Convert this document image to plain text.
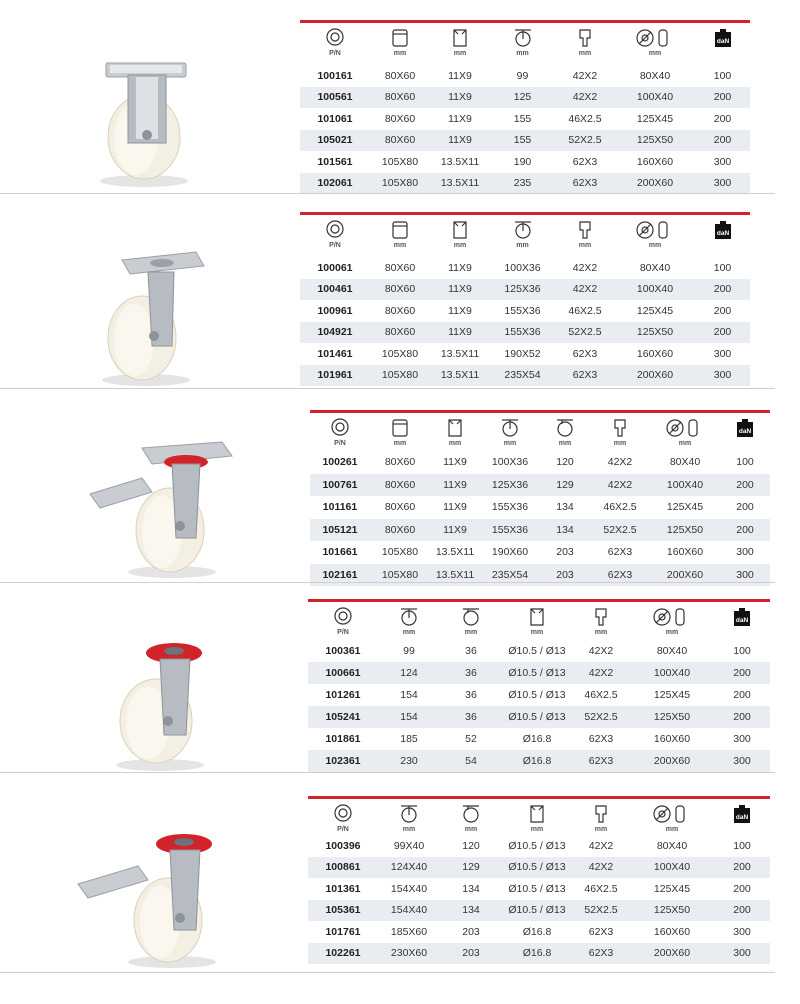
P/N	mm	mm	mm	mm	mm
daN
100161	80X60	11X9	99	42X2	80X40	100
100561	80X60	11X9	125	42X2	100X40	200
101061	80X60	11X9	155	46X2.5	125X45	200
105021	80X60	11X9	155	52X2.5	125X50	200
101561	105X80	13.5X11	190	62X3	160X60	300
102061	105X80	13.5X11	235	62X3	200X60	300
P/N	mm	mm	mm	mm	mm
daN
100061	80X60	11X9	100X36	42X2	80X40	100
100461	80X60	11X9	125X36	42X2	100X40	200
100961	80X60	11X9	155X36	46X2.5	125X45	200
104921	80X60	11X9	155X36	52X2.5	125X50	200
101461	105X80	13.5X11	190X52	62X3	160X60	300
101961	105X80	13.5X11	235X54	62X3	200X60	300
P/N	mm	mm	mm	mm	mm	mm
daN
100261	80X60	11X9	100X36	120	42X2	80X40	100
100761	80X60	11X9	125X36	129	42X2	100X40	200
101161	80X60	11X9	155X36	134	46X2.5	125X45	200
105121	80X60	11X9	155X36	134	52X2.5	125X50	200
101661	105X80	13.5X11	190X60	203	62X3	160X60	300
102161	105X80	13.5X11	235X54	203	62X3	200X60	300
P/N	mm	mm	mm	mm	mm
daN
100361	99	36	Ø10.5 / Ø13	42X2	80X40	100
100661	124	36	Ø10.5 / Ø13	42X2	100X40	200
101261	154	36	Ø10.5 / Ø13	46X2.5	125X45	200
105241	154	36	Ø10.5 / Ø13	52X2.5	125X50	200
101861	185	52	Ø16.8	62X3	160X60	300
102361	230	54	Ø16.8	62X3	200X60	300
P/N	mm	mm	mm	mm	mm
daN
100396	99X40	120	Ø10.5 / Ø13	42X2	80X40	100
100861	124X40	129	Ø10.5 / Ø13	42X2	100X40	200
101361	154X40	134	Ø10.5 / Ø13	46X2.5	125X45	200
105361	154X40	134	Ø10.5 / Ø13	52X2.5	125X50	200
101761	185X60	203	Ø16.8	62X3	160X60	300
102261	230X60	203	Ø16.8	62X3	200X60	300
